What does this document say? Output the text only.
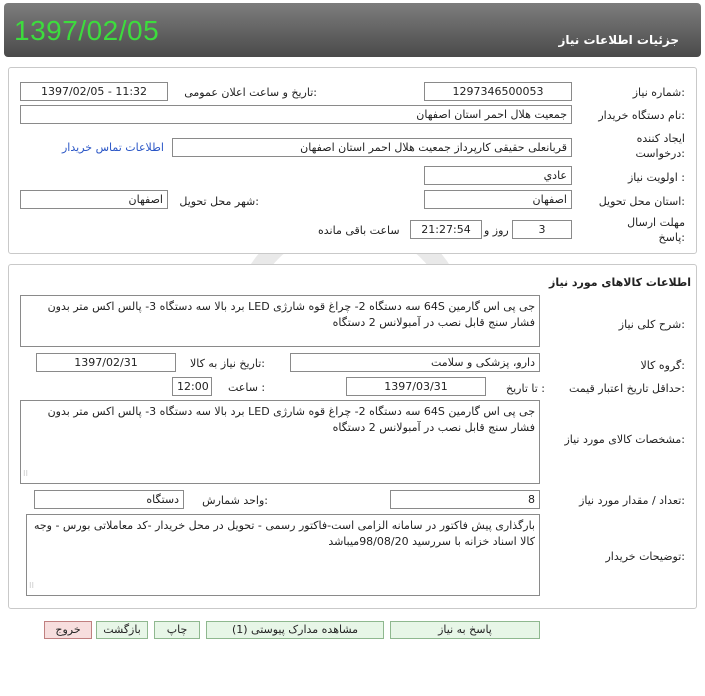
1397/02/05	جزئیات اطلاعات نیاز
شماره نیاز:
1297346500053
تاریخ و ساعت اعلان عمومی:
1397/02/05 - 11:32
نام دستگاه خریدار:
جمعیت هلال احمر استان اصفهان
ایجاد کننده درخواست:
قربانعلی حقیقی کارپرداز جمعیت هلال احمر استان اصفهان
اطلاعات تماس خریدار
اولویت نیاز :
عادي
استان محل تحویل:
اصفهان
شهر محل تحویل:
اصفهان
مهلت ارسال پاسخ:
3
روز و
21:27:54
ساعت باقی مانده
اطلاعات کالاهای مورد نیاز
شرح کلی نیاز:
جی پی اس گارمین 64S سه دستگاه 2- چراغ قوه شارژی LED برد بالا سه دستگاه 3- پالس اکس متر بدون فشار سنج قابل نصب در آمبولانس 2 دستگاه
گروه کالا:
دارو، پزشکی و سلامت
تاریخ نیاز به کالا:
1397/02/31
حداقل تاریخ اعتبار قیمت:
تا تاریخ :
1397/03/31
ساعت :
12:00
مشخصات کالای مورد نیاز:
جی پی اس گارمین 64S سه دستگاه 2- چراغ قوه شارژی LED برد بالا سه دستگاه 3- پالس اکس متر بدون فشار سنج قابل نصب در آمبولانس 2 دستگاه
⁝⁝
تعداد / مقدار مورد نیاز:
8
واحد شمارش:
دستگاه
توضیحات خریدار:
بارگذاری پیش فاکتور در سامانه الزامی است-فاکتور رسمی - تحویل در محل خریدار -کد معاملاتی بورس - وجه کالا اسناد خزانه با سررسید 98/08/20میباشد
⁝⁝
پاسخ به نیاز
مشاهده مدارک پیوستی (1)
چاپ
بازگشت
خروج
